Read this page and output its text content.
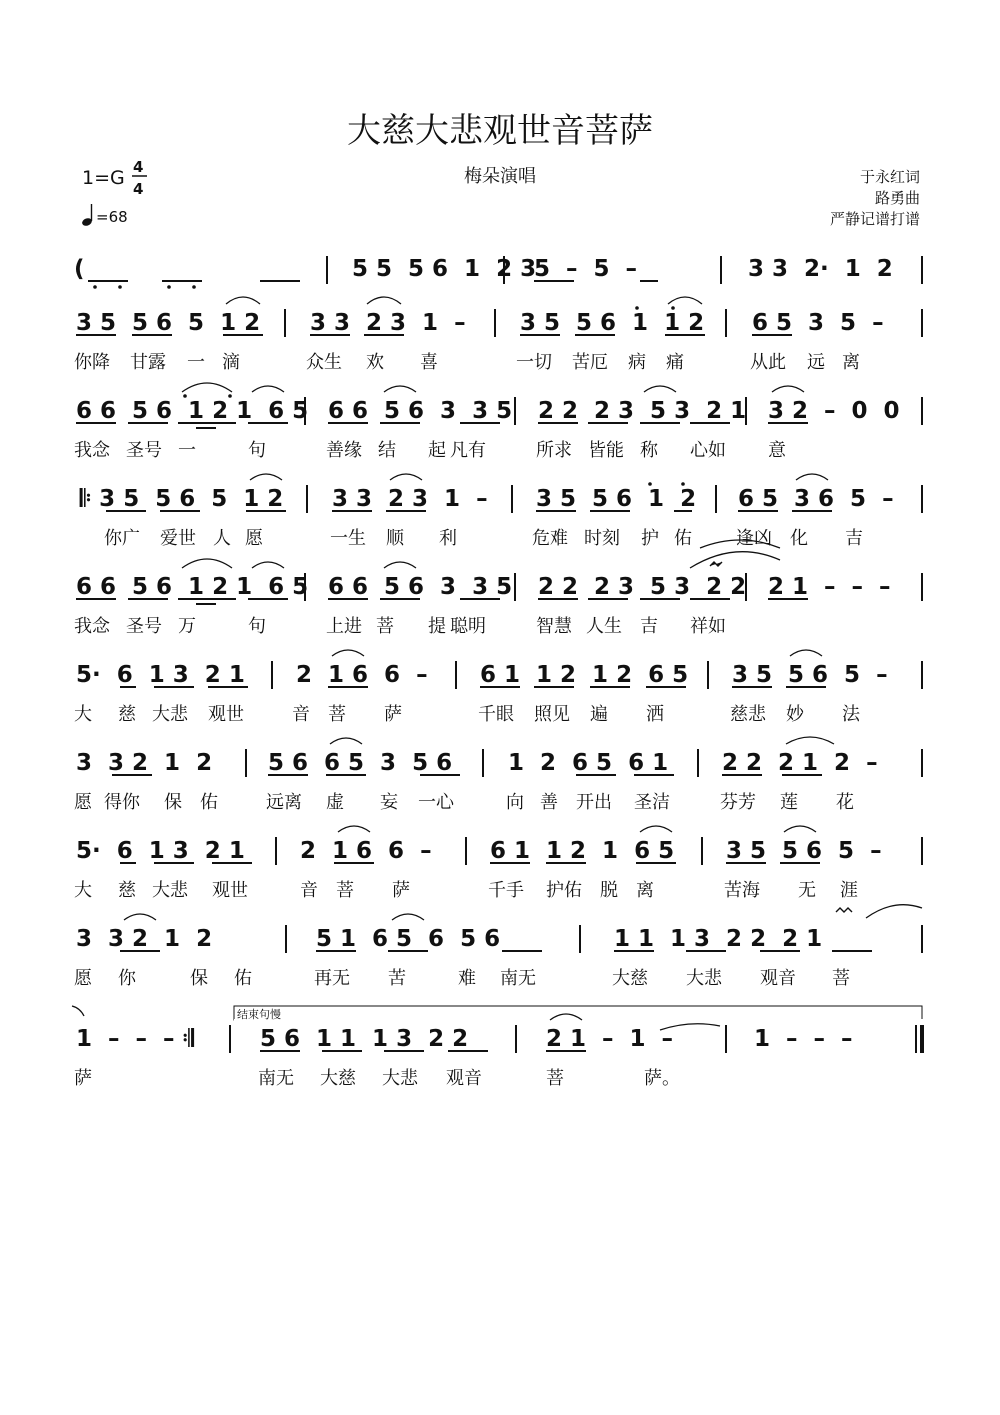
大慈大悲观世音菩萨
1=G 4
4
=68
梅朵演唱	于永红词
路勇曲
严静记谱打谱
(	5 5  5 6  1  2 3
5  –  5  –	3 3  2·  1  2
3 5  5 6  5  1 2 3 3  2 3  1  – 3 5  5 6  1  1 2 6 5  3  5  –
你降 甘露 一 滴	众生 欢 喜	一切 苦厄 病 痛	从此 远 离
6 6  5 6  1 2 1  6 5 6 6  5 6  3  3 5 2 2  2 3  5 3  2 1 3 2  –  0  0
我念 圣号 一	句	善缘 结 起 凡有	所求 皆能 称 心如 意
𝄆 3 5  5 6  5  1 2 3 3  2 3  1  – 3 5  5 6  1  2 6 5  3 6  5  –
你广 爱世 人 愿	一生 顺 利	危难 时刻 护 佑 逢凶 化 吉
6 6  5 6  1 2 1  6 5 6 6  5 6  3  3 5 2 2  2 3  5 3  2 2 2 1  –  –  –
我念 圣号 万	句	上进 菩 提 聪明	智慧 人生 吉 祥如
5·  6  1 3  2 1 2  1 6  6  – 6 1  1 2  1 2  6 5 3 5  5 6  5  –
大 慈 大悲 观世	音 菩 萨	千眼 照见 遍 洒	慈悲 妙 法
3  3 2  1  2 5 6  6 5  3  5 6 1  2  6 5  6 1 2 2  2 1  2  –
愿 得你 保 佑	远离 虚 妄 一心	向 善 开出 圣洁	芬芳 莲 花
5·  6  1 3  2 1 2  1 6  6  –	6 1  1 2  1  6 5 3 5  5 6  5  –
大 慈 大悲 观世	音 菩 萨	千手 护佑 脱 离	苦海 无 涯
3  3 2  1  2	5 1  6 5  6  5 6	1 1  1 3  2 2  2 1
愿 你	保 佑	再无 苦	难 南无	大慈 大悲 观音 菩
1  –  –  – 𝄇
结束句慢
5 6  1 1  1 3  2 2	2 1  –  1  –	1  –  –  –
萨	南无 大慈 大悲 观音	菩	萨。
